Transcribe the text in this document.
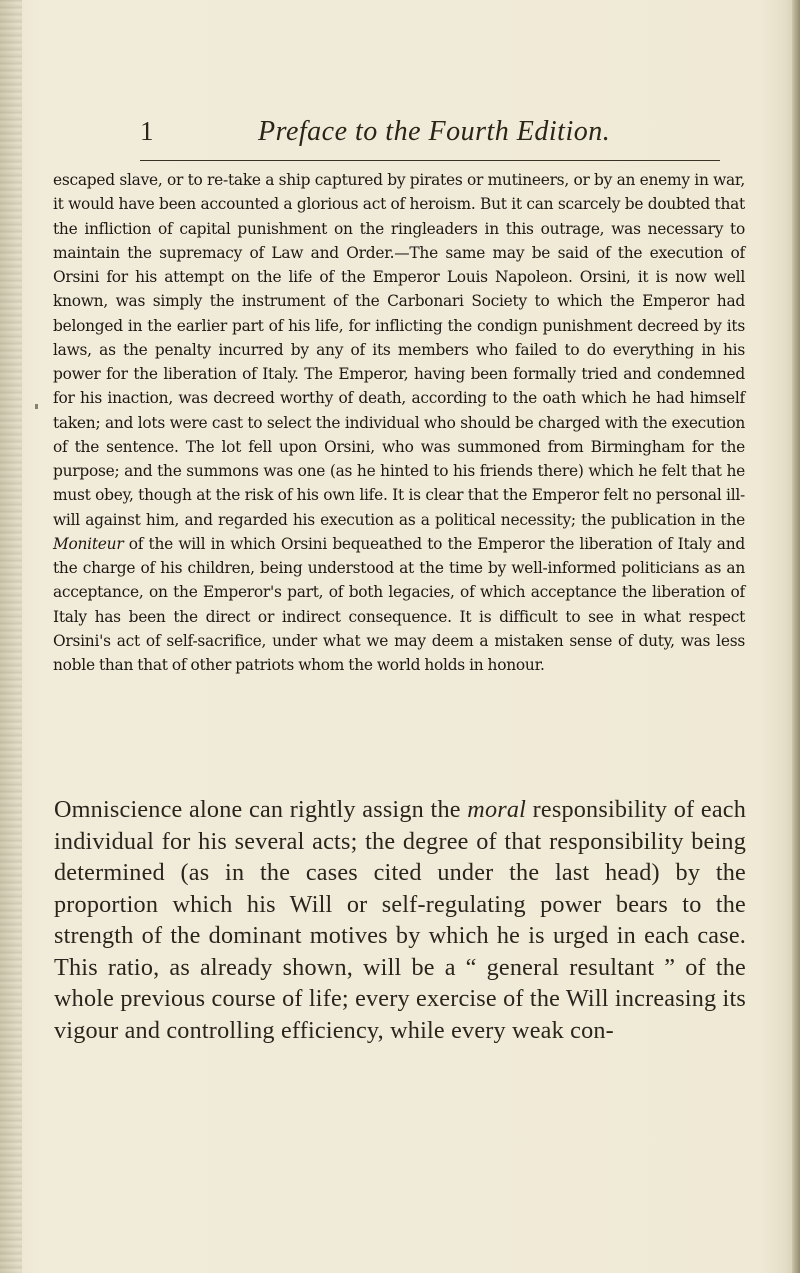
1	Preface to the Fourth Edition.

escaped slave, or to re-take a ship captured by pirates or mutineers, or by an enemy in war, it would have been accounted a glorious act of heroism. But it can scarcely be doubted that the infliction of capital punishment on the ringleaders in this outrage, was necessary to maintain the supremacy of Law and Order.—The same may be said of the execution of Orsini for his attempt on the life of the Emperor Louis Napoleon. Orsini, it is now well known, was simply the instrument of the Carbonari Society to which the Emperor had belonged in the earlier part of his life, for inflicting the condign punishment decreed by its laws, as the penalty incurred by any of its members who failed to do everything in his power for the liberation of Italy. The Emperor, having been formally tried and condemned for his inaction, was decreed worthy of death, according to the oath which he had himself taken; and lots were cast to select the individual who should be charged with the execution of the sentence. The lot fell upon Orsini, who was summoned from Birmingham for the purpose; and the summons was one (as he hinted to his friends there) which he felt that he must obey, though at the risk of his own life. It is clear that the Emperor felt no personal ill-will against him, and regarded his execution as a political necessity; the publication in the Moniteur of the will in which Orsini bequeathed to the Emperor the liberation of Italy and the charge of his children, being understood at the time by well-informed politicians as an acceptance, on the Emperor's part, of both legacies, of which acceptance the liberation of Italy has been the direct or indirect consequence. It is difficult to see in what respect Orsini's act of self-sacrifice, under what we may deem a mistaken sense of duty, was less noble than that of other patriots whom the world holds in honour.

Omniscience alone can rightly assign the moral responsibility of each individual for his several acts; the degree of that responsibility being determined (as in the cases cited under the last head) by the proportion which his Will or self-regulating power bears to the strength of the dominant motives by which he is urged in each case. This ratio, as already shown, will be a “ general resultant ” of the whole previous course of life; every exercise of the Will increasing its vigour and controlling efficiency, while every weak con-
